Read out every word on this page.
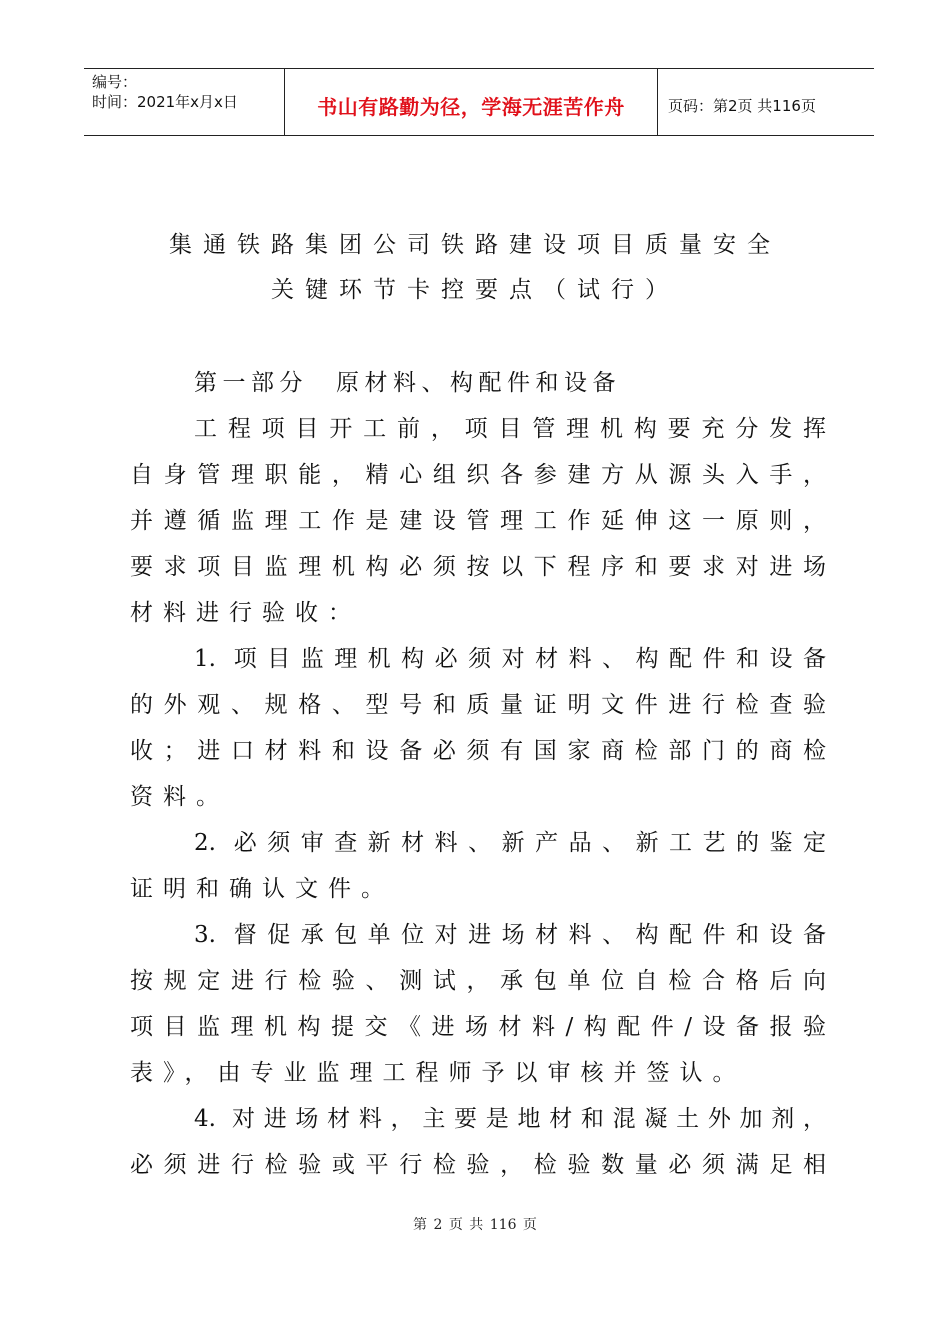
编号：
时间：2021年x月x日	书山有路勤为径，学海无涯苦作舟	页码：第2页 共116页
集通铁路集团公司铁路建设项目质量安全
关键环节卡控要点（试行）
第一部分 原材料、构配件和设备
工程项目开工前，项目管理机构要充分发挥
自身管理职能，精心组织各参建方从源头入手，
并遵循监理工作是建设管理工作延伸这一原则，
要求项目监理机构必须按以下程序和要求对进场
材料进行验收：
1. 项目监理机构必须对材料、构配件和设备
的外观、规格、型号和质量证明文件进行检查验
收；进口材料和设备必须有国家商检部门的商检
资料。
2. 必须审查新材料、新产品、新工艺的鉴定
证明和确认文件。
3. 督促承包单位对进场材料、构配件和设备
按规定进行检验、测试，承包单位自检合格后向
项目监理机构提交《进场材料/构配件/设备报验
表》，由专业监理工程师予以审核并签认。
4. 对进场材料，主要是地材和混凝土外加剂，
必须进行检验或平行检验，检验数量必须满足相
第 2 页 共 116 页
